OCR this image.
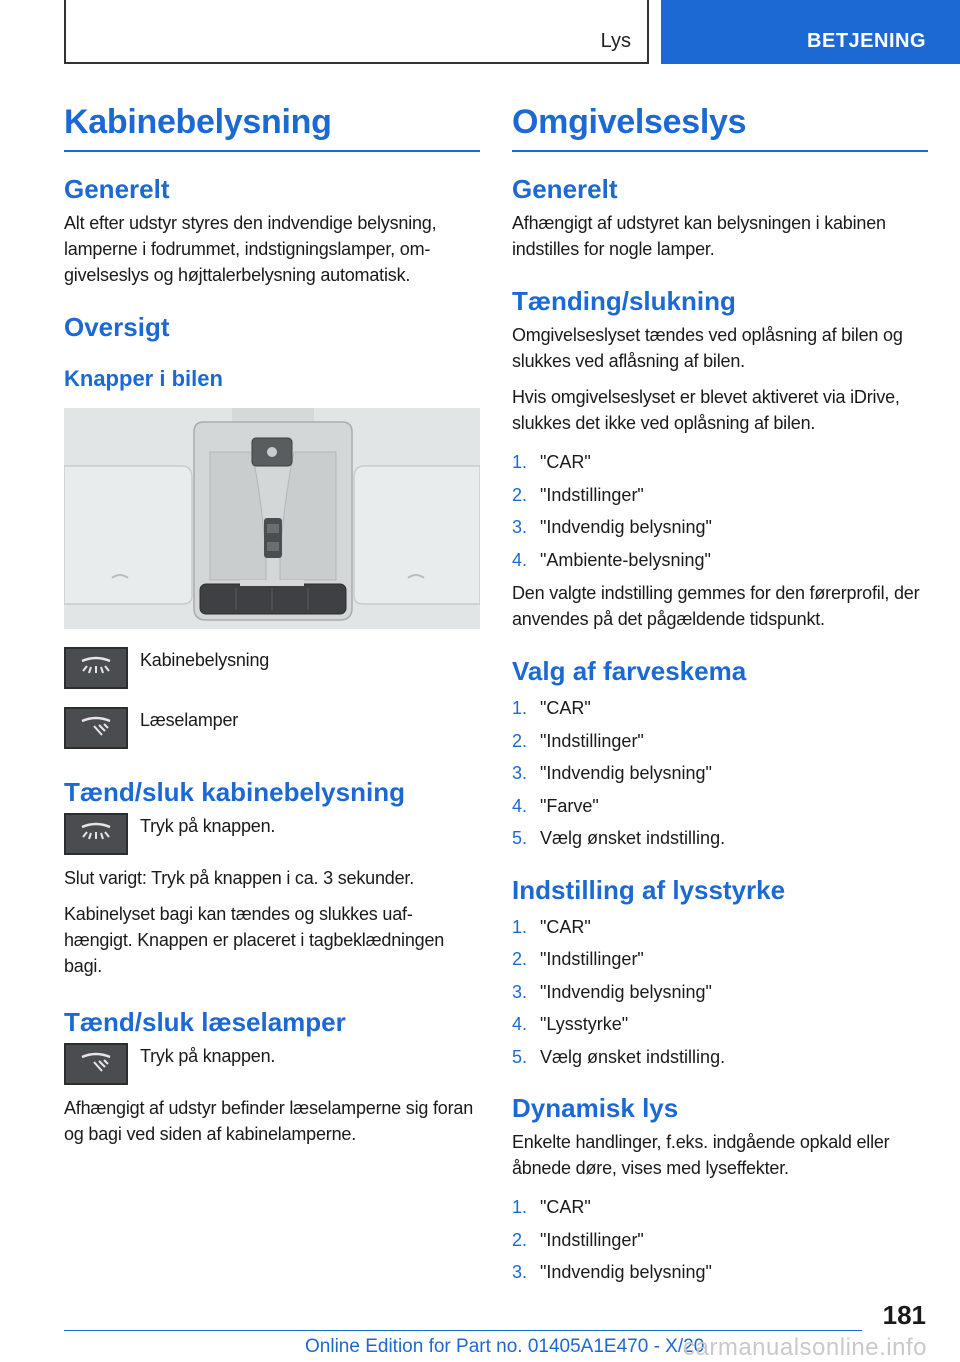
Lys	BETJENING
Kabinebelysning
Generelt

Alt efter udstyr styres den indvendige belysning, lamperne i fodrummet, indstigningslamper, om-givelseslys og højttalerbelysning automatisk.

Oversigt
Knapper i bilen

Kabinebelysning

Læselamper

Tænd/sluk kabinebelysning

Tryk på knappen.

Slut varigt: Tryk på knappen i ca. 3 sekunder.

Kabinelyset bagi kan tændes og slukkes uaf-hængigt. Knappen er placeret i tagbeklædningen bagi.

Tænd/sluk læselamper

Tryk på knappen.

Afhængigt af udstyr befinder læselamperne sig foran og bagi ved siden af kabinelamperne.

Omgivelseslys
Generelt

Afhængigt af udstyret kan belysningen i kabinen indstilles for nogle lamper.

Tænding/slukning

Omgivelseslyset tændes ved oplåsning af bilen og slukkes ved aflåsning af bilen.

Hvis omgivelseslyset er blevet aktiveret via iDrive, slukkes det ikke ved oplåsning af bilen.

1. "CAR"
2. "Indstillinger"
3. "Indvendig belysning"
4. "Ambiente-belysning"

Den valgte indstilling gemmes for den førerprofil, der anvendes på det pågældende tidspunkt.

Valg af farveskema
1. "CAR"
2. "Indstillinger"
3. "Indvendig belysning"
4. "Farve"
5. Vælg ønsket indstilling.
Indstilling af lysstyrke
1. "CAR"
2. "Indstillinger"
3. "Indvendig belysning"
4. "Lysstyrke"
5. Vælg ønsket indstilling.
Dynamisk lys

Enkelte handlinger, f.eks. indgående opkald eller åbnede døre, vises med lyseffekter.

1. "CAR"
2. "Indstillinger"
3. "Indvendig belysning"
181
Online Edition for Part no. 01405A1E470 - X/20
carmanualsonline.info
